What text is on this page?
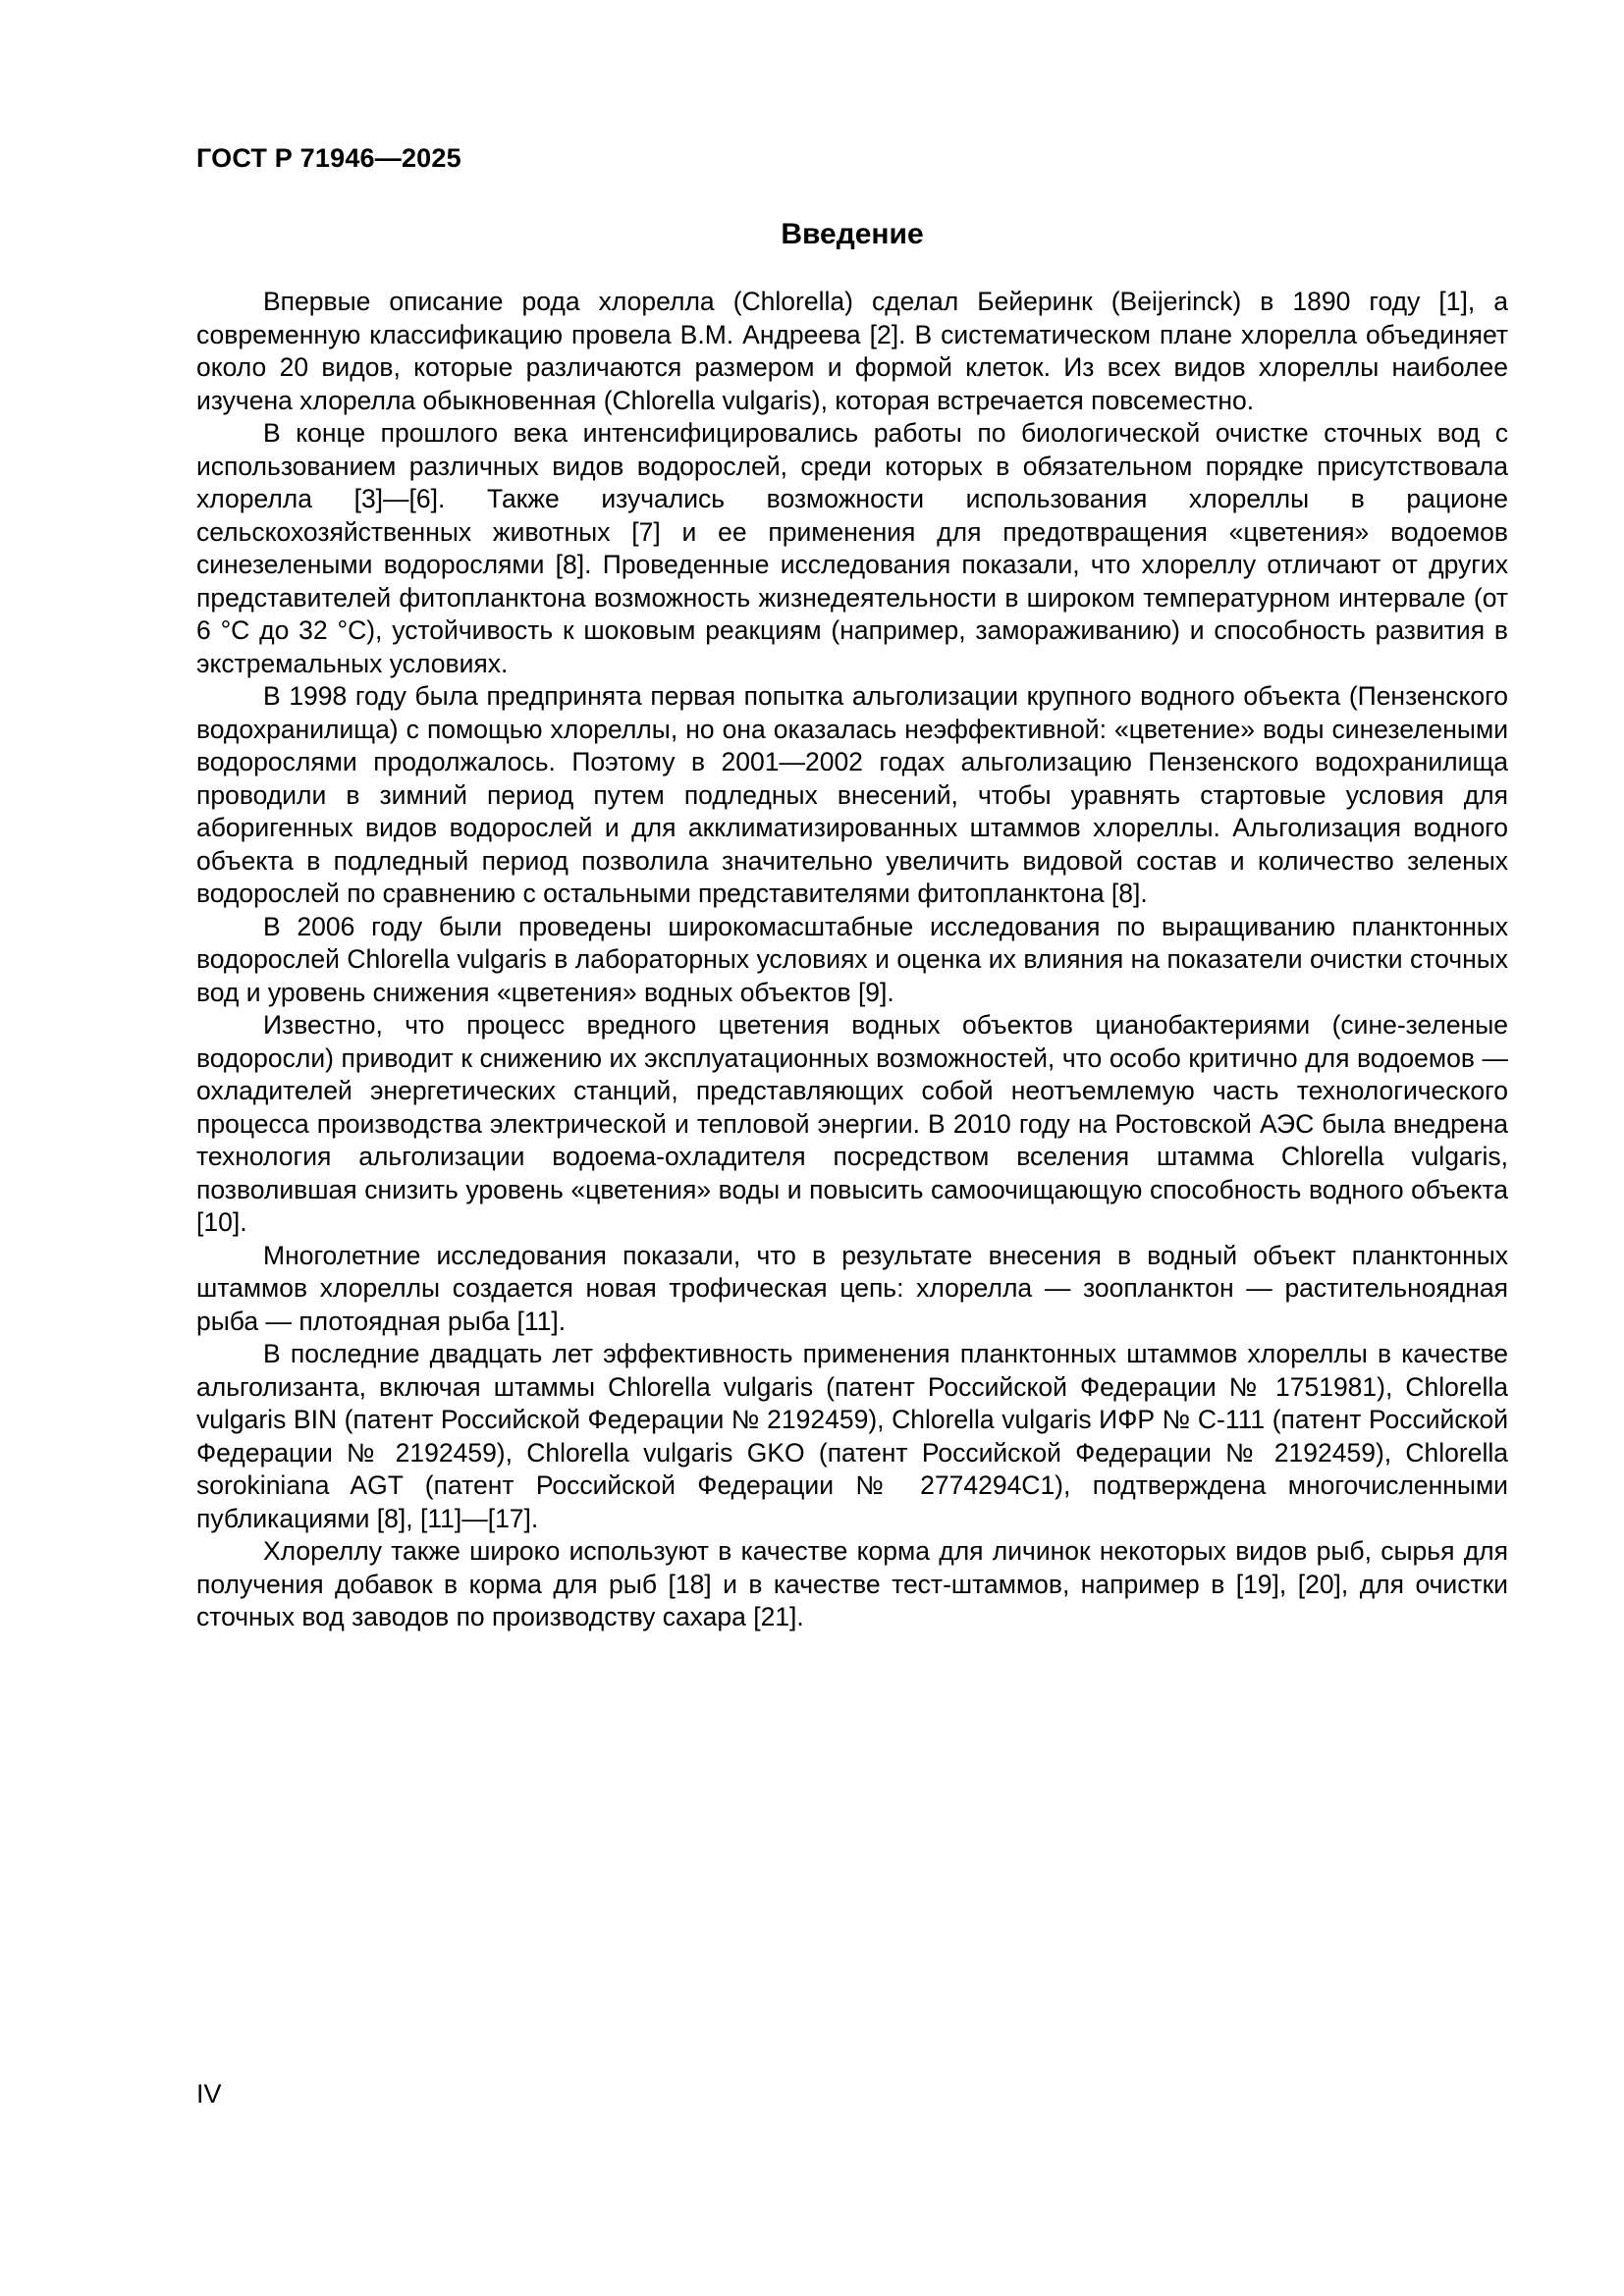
ГОСТ Р 71946—2025
Введение

Впервые описание рода хлорелла (Chlorella) сделал Бейеринк (Beijerinck) в 1890 году [1], а современную классификацию провела В.М. Андреева [2]. В систематическом плане хлорелла объединяет около 20 видов, которые различаются размером и формой клеток. Из всех видов хлореллы наиболее изучена хлорелла обыкновенная (Chlorella vulgaris), которая встречается повсеместно.

В конце прошлого века интенсифицировались работы по биологической очистке сточных вод с использованием различных видов водорослей, среди которых в обязательном порядке присутствовала хлорелла [3]—[6]. Также изучались возможности использования хлореллы в рационе сельскохозяйственных животных [7] и ее применения для предотвращения «цветения» водоемов синезелеными водорослями [8]. Проведенные исследования показали, что хлореллу отличают от других представителей фитопланктона возможность жизнедеятельности в широком температурном интервале (от 6 °С до 32 °С), устойчивость к шоковым реакциям (например, замораживанию) и способность развития в экстремальных условиях.

В 1998 году была предпринята первая попытка альголизации крупного водного объекта (Пензенского водохранилища) с помощью хлореллы, но она оказалась неэффективной: «цветение» воды синезелеными водорослями продолжалось. Поэтому в 2001—2002 годах альголизацию Пензенского водохранилища проводили в зимний период путем подледных внесений, чтобы уравнять стартовые условия для аборигенных видов водорослей и для акклиматизированных штаммов хлореллы. Альголизация водного объекта в подледный период позволила значительно увеличить видовой состав и количество зеленых водорослей по сравнению с остальными представителями фитопланктона [8].

В 2006 году были проведены широкомасштабные исследования по выращиванию планктонных водорослей Chlorella vulgaris в лабораторных условиях и оценка их влияния на показатели очистки сточных вод и уровень снижения «цветения» водных объектов [9].

Известно, что процесс вредного цветения водных объектов цианобактериями (сине-зеленые водоросли) приводит к снижению их эксплуатационных возможностей, что особо критично для водоемов — охладителей энергетических станций, представляющих собой неотъемлемую часть технологического процесса производства электрической и тепловой энергии. В 2010 году на Ростовской АЭС была внедрена технология альголизации водоема-охладителя посредством вселения штамма Chlorella vulgaris, позволившая снизить уровень «цветения» воды и повысить самоочищающую способность водного объекта [10].

Многолетние исследования показали, что в результате внесения в водный объект планктонных штаммов хлореллы создается новая трофическая цепь: хлорелла — зоопланктон — растительноядная рыба — плотоядная рыба [11].

В последние двадцать лет эффективность применения планктонных штаммов хлореллы в качестве альголизанта, включая штаммы Chlorella vulgaris (патент Российской Федерации № 1751981), Chlorella vulgaris BIN (патент Российской Федерации № 2192459), Chlorella vulgaris ИФР № С-111 (патент Российской Федерации № 2192459), Chlorella vulgaris GKO (патент Российской Федерации № 2192459), Chlorella sorokiniana AGT (патент Российской Федерации № 2774294С1), подтверждена многочисленными публикациями [8], [11]—[17].

Хлореллу также широко используют в качестве корма для личинок некоторых видов рыб, сырья для получения добавок в корма для рыб [18] и в качестве тест-штаммов, например в [19], [20], для очистки сточных вод заводов по производству сахара [21].

IV
